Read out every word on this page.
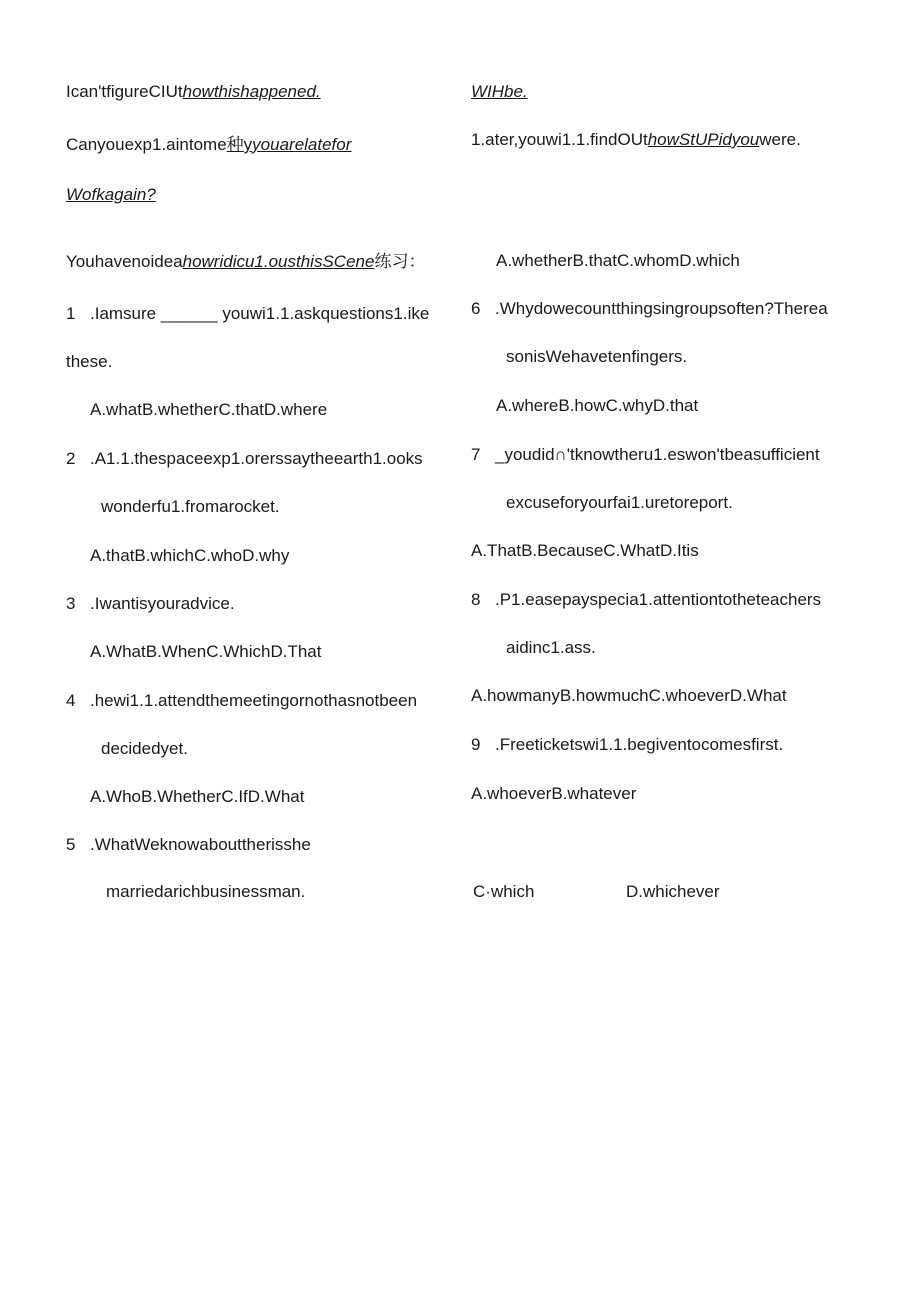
Ican'tfigureCIUthowthishappened.
Canyouexp1.aintome种yyouarelatefor
Wofkagain?
Youhavenoideahowridicu1.ousthisSCene练习：
1 .Iamsure ______ youwi1.1.askquestions1.ike
these.
A.whatB.whetherC.thatD.where
2 .A1.1.thespaceexp1.orerssaytheearth1.ooks
wonderfu1.fromarocket.
A.thatB.whichC.whoD.why
3 .Iwantisyouradvice.
A.WhatB.WhenC.WhichD.That
4 .hewi1.1.attendthemeetingornothasnotbeen
decidedyet.
A.WhoB.WhetherC.IfD.What
5 .WhatWeknowabouttherisshe
marriedarichbusinessman.
WIHbe.
1.ater,youwi1.1.findOUthowStUPidyouwere.
A.whetherB.thatC.whomD.which
6 .Whydowecountthingsingroupsoften?Therea
sonisWehavetenfingers.
A.whereB.howC.whyD.that
7 _youdid∩'tknowtheru1.eswon'tbeasufficient
excuseforyourfai1.uretoreport.
A.ThatB.BecauseC.WhatD.Itis
8 .P1.easepayspecia1.attentiontotheteachers
aidinc1.ass.
A.howmanyB.howmuchC.whoeverD.What
9 .Freeticketswi1.1.begiventocomesfirst.
A.whoeverB.whatever
C·which	D.whichever
